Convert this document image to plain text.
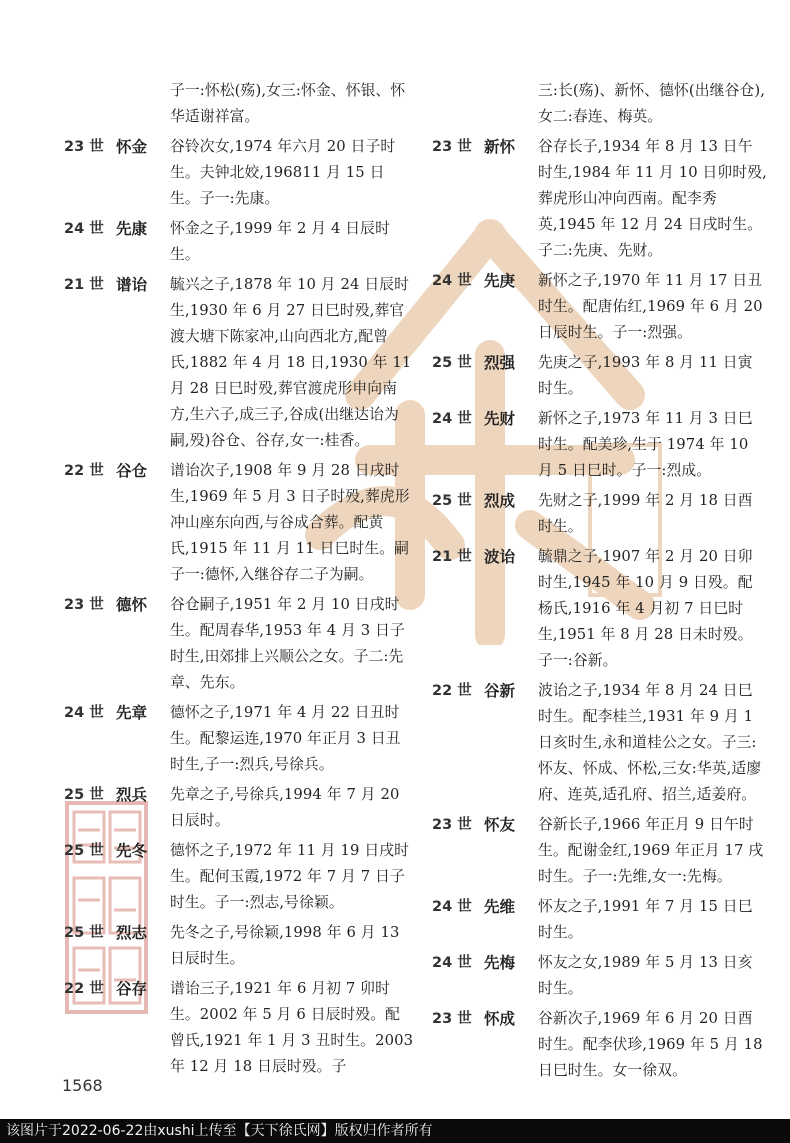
子一:怀松(殇),女三:怀金、怀银、怀华适谢祥富。

23 世 怀金	谷铃次女,1974 年六月 20 日子时生。夫钟北姣,196811 月 15 日生。子一:先康。

24 世 先康	怀金之子,1999 年 2 月 4 日辰时生。

21 世 谱诒	毓兴之子,1878 年 10 月 24 日辰时生,1930 年 6 月 27 日巳时殁,葬官渡大塘下陈家冲,山向西北方,配曾氏,1882 年 4 月 18 日,1930 年 11 月 28 日巳时殁,葬官渡虎形申向南方,生六子,成三子,谷成(出继达诒为嗣,殁)谷仓、谷存,女一:桂香。

22 世 谷仓	谱诒次子,1908 年 9 月 28 日戌时生,1969 年 5 月 3 日子时殁,葬虎形冲山座东向西,与谷成合葬。配黄氏,1915 年 11 月 11 日巳时生。嗣子一:德怀,入继谷存二子为嗣。

23 世 德怀	谷仓嗣子,1951 年 2 月 10 日戌时生。配周春华,1953 年 4 月 3 日子时生,田郊排上兴顺公之女。子二:先章、先东。

24 世 先章	德怀之子,1971 年 4 月 22 日丑时生。配黎运连,1970 年正月 3 日丑时生,子一:烈兵,号徐兵。

25 世 烈兵	先章之子,号徐兵,1994 年 7 月 20 日辰时。

25 世 先冬	德怀之子,1972 年 11 月 19 日戌时生。配何玉霞,1972 年 7 月 7 日子时生。子一:烈志,号徐颖。

25 世 烈志	先冬之子,号徐颖,1998 年 6 月 13 日辰时生。

22 世 谷存	谱诒三子,1921 年 6 月初 7 卯时生。2002 年 5 月 6 日辰时殁。配曾氏,1921 年 1 月 3 丑时生。2003 年 12 月 18 日辰时殁。子

三:长(殇)、新怀、德怀(出继谷仓),女二:春连、梅英。

23 世 新怀	谷存长子,1934 年 8 月 13 日午时生,1984 年 11 月 10 日卯时殁,葬虎形山冲向西南。配李秀英,1945 年 12 月 24 日戌时生。子二:先庚、先财。

24 世 先庚	新怀之子,1970 年 11 月 17 日丑时生。配唐佑红,1969 年 6 月 20 日辰时生。子一:烈强。

25 世 烈强	先庚之子,1993 年 8 月 11 日寅时生。

24 世 先财	新怀之子,1973 年 11 月 3 日巳时生。配美珍,生于 1974 年 10 月 5 日巳时。子一:烈成。

25 世 烈成	先财之子,1999 年 2 月 18 日酉时生。

21 世 波诒	毓鼎之子,1907 年 2 月 20 日卯时生,1945 年 10 月 9 日殁。配杨氏,1916 年 4 月初 7 日巳时生,1951 年 8 月 28 日未时殁。子一:谷新。

22 世 谷新	波诒之子,1934 年 8 月 24 日巳时生。配李桂兰,1931 年 9 月 1 日亥时生,永和道桂公之女。子三:怀友、怀成、怀松,三女:华英,适廖府、连英,适孔府、招兰,适姜府。

23 世 怀友	谷新长子,1966 年正月 9 日午时生。配谢金红,1969 年正月 17 戌时生。子一:先维,女一:先梅。

24 世 先维	怀友之子,1991 年 7 月 15 日巳时生。

24 世 先梅	怀友之女,1989 年 5 月 13 日亥时生。

23 世 怀成	谷新次子,1969 年 6 月 20 日酉时生。配李伏珍,1969 年 5 月 18 日巳时生。女一徐双。

1568
该图片于2022-06-22由xushi上传至【天下徐氏网】版权归作者所有
